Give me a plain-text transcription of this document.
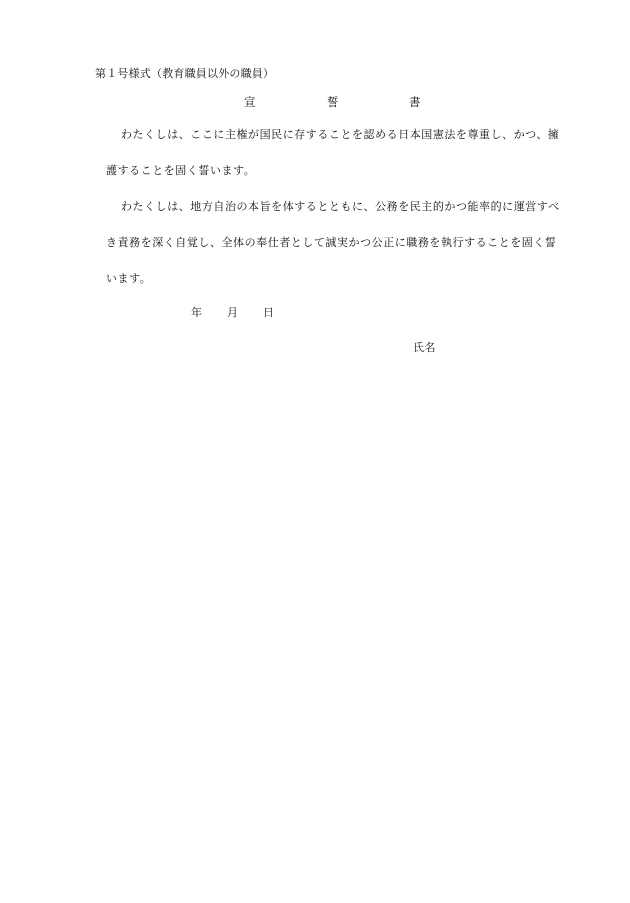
第１号様式（教育職員以外の職員）
宣	誓	書
わたくしは、ここに主権が国民に存することを認める日本国憲法を尊重し、かつ、擁
護することを固く誓います。
わたくしは、地方自治の本旨を体するとともに、公務を民主的かつ能率的に運営すべ
き責務を深く自覚し、全体の奉仕者として誠実かつ公正に職務を執行することを固く誓
います。
年 月 日
氏名
